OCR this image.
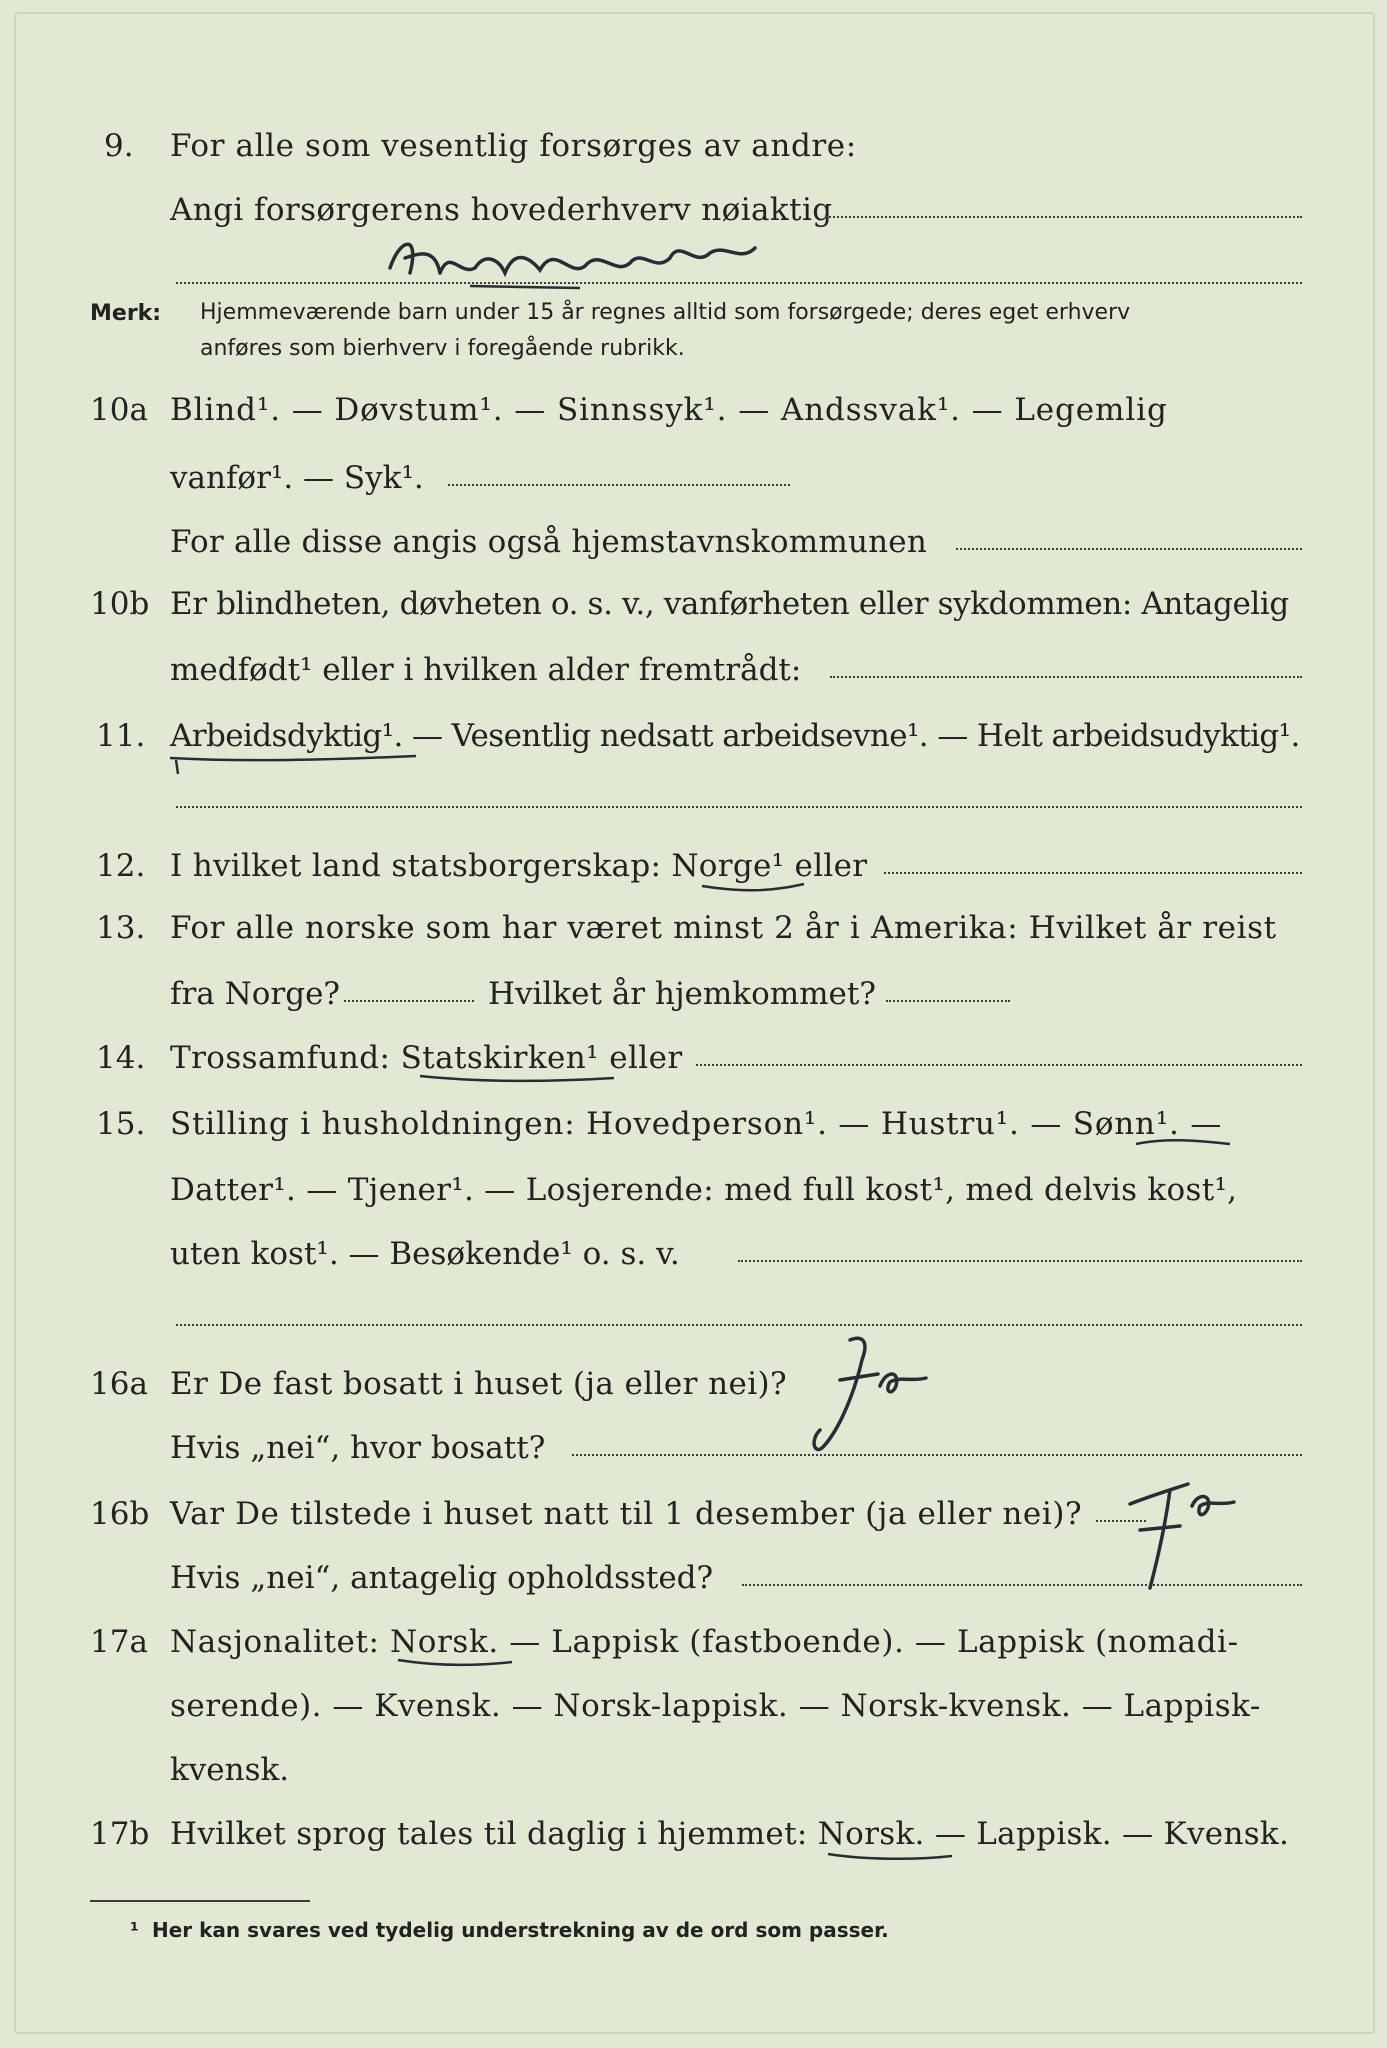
9. For alle som vesentlig forsørges av andre:
Angi forsørgerens hovederhverv nøiaktig
Merk: Hjemmeværende barn under 15 år regnes alltid som forsørgede; deres eget erhverv
anføres som bierhverv i foregående rubrikk.
10a Blind¹. — Døvstum¹. — Sinnssyk¹. — Andssvak¹. — Legemlig
vanfør¹. — Syk¹.
For alle disse angis også hjemstavnskommunen
10b Er blindheten, døvheten o. s. v., vanførheten eller sykdommen: Antagelig
medfødt¹ eller i hvilken alder fremtrådt:
11. Arbeidsdyktig¹. — Vesentlig nedsatt arbeidsevne¹. — Helt arbeidsudyktig¹.
12. I hvilket land statsborgerskap: Norge¹ eller
13. For alle norske som har været minst 2 år i Amerika: Hvilket år reist
fra Norge?	Hvilket år hjemkommet?
14. Trossamfund: Statskirken¹ eller
15. Stilling i husholdningen: Hovedperson¹. — Hustru¹. — Sønn¹. —
Datter¹. — Tjener¹. — Losjerende: med full kost¹, med delvis kost¹,
uten kost¹. — Besøkende¹ o. s. v.
16a Er De fast bosatt i huset (ja eller nei)?
Hvis „nei“, hvor bosatt?
16b Var De tilstede i huset natt til 1 desember (ja eller nei)?
Hvis „nei“, antagelig opholdssted?
17a Nasjonalitet: Norsk. — Lappisk (fastboende). — Lappisk (nomadi-
serende). — Kvensk. — Norsk-lappisk. — Norsk-kvensk. — Lappisk-
kvensk.
17b Hvilket sprog tales til daglig i hjemmet: Norsk. — Lappisk. — Kvensk.
¹ Her kan svares ved tydelig understrekning av de ord som passer.
